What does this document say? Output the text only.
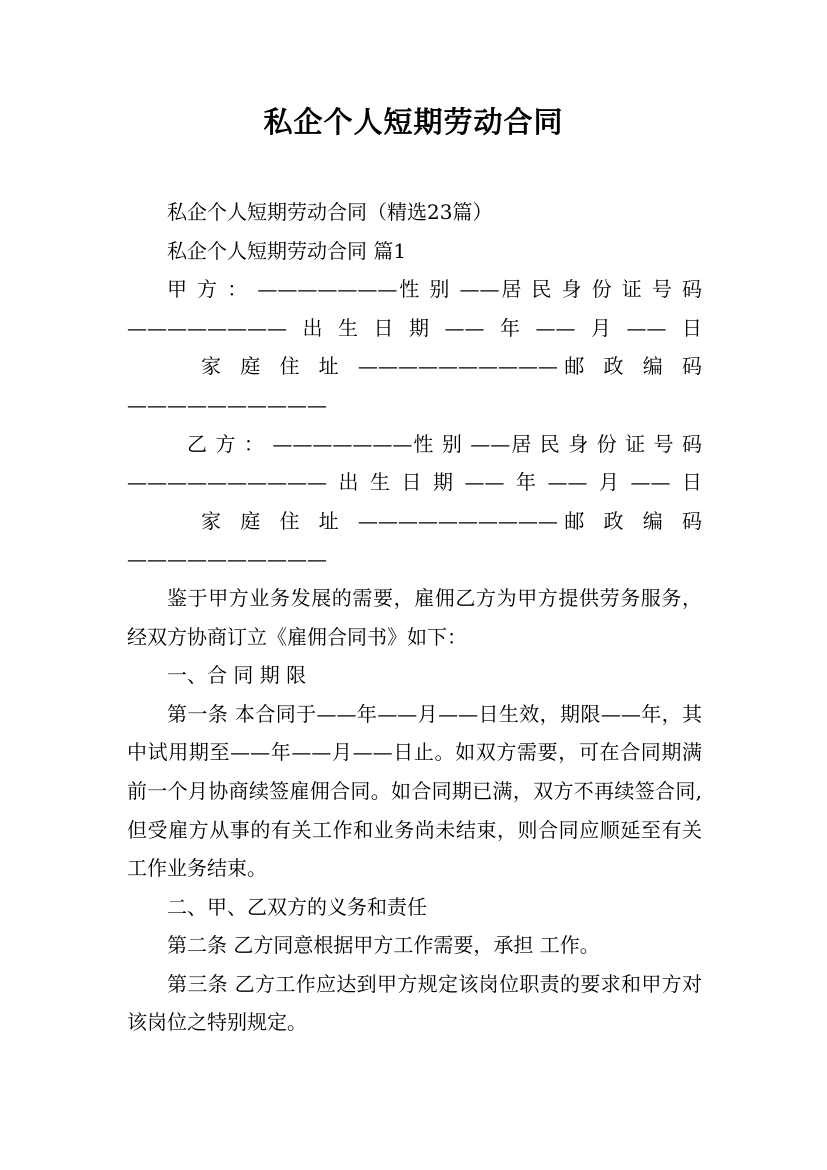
私企个人短期劳动合同

私企个人短期劳动合同（精选23篇）

私企个人短期劳动合同 篇1

甲 方 ： ———————性 别 ——居 民 身 份 证 号 码

————————出生日期——年——月——日

家 庭 住 址 ——————————邮 政 编 码

——————————

乙 方 ： ———————性 别 ——居 民 身 份 证 号 码

——————————出生日期——年——月——日

家 庭 住 址 ——————————邮 政 编 码

——————————

鉴于甲方业务发展的需要，雇佣乙方为甲方提供劳务服务，经双方协商订立《雇佣合同书》如下：

一、合 同 期 限

第一条 本合同于——年——月——日生效，期限——年，其中试用期至——年——月——日止。如双方需要，可在合同期满前一个月协商续签雇佣合同。如合同期已满，双方不再续签合同,但受雇方从事的有关工作和业务尚未结束，则合同应顺延至有关工作业务结束。

二、甲、乙双方的义务和责任

第二条 乙方同意根据甲方工作需要，承担 工作。

第三条 乙方工作应达到甲方规定该岗位职责的要求和甲方对该岗位之特别规定。
